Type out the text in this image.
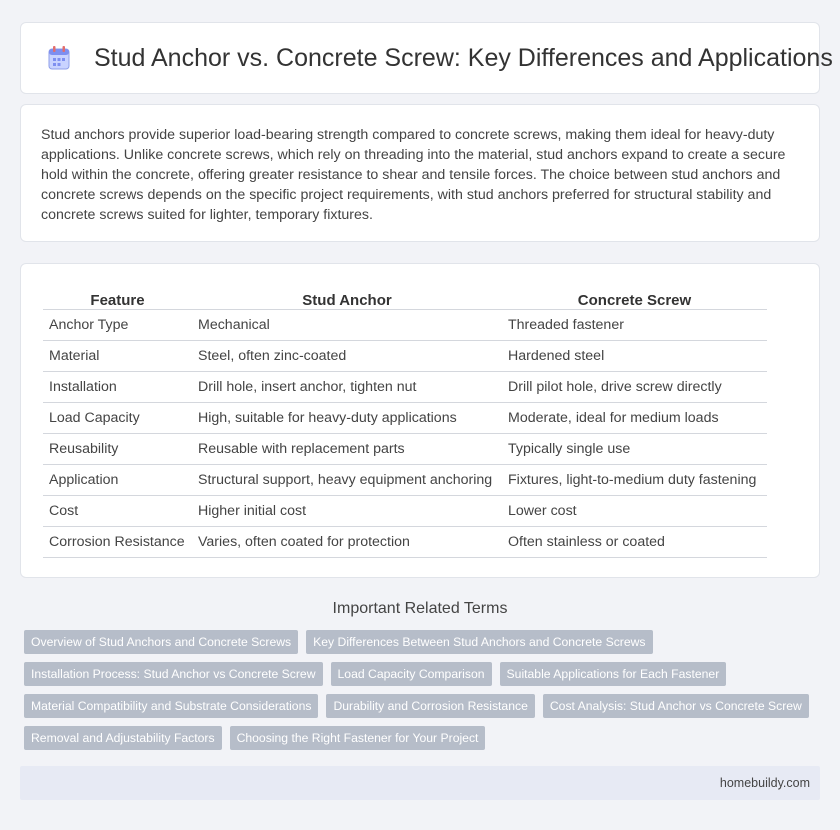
Stud Anchor vs. Concrete Screw: Key Differences and Applications

Stud anchors provide superior load-bearing strength compared to concrete screws, making them ideal for heavy-duty applications. Unlike concrete screws, which rely on threading into the material, stud anchors expand to create a secure hold within the concrete, offering greater resistance to shear and tensile forces. The choice between stud anchors and concrete screws depends on the specific project requirements, with stud anchors preferred for structural stability and concrete screws suited for lighter, temporary fixtures.

Feature	Stud Anchor	Concrete Screw
Anchor Type	Mechanical	Threaded fastener
Material	Steel, often zinc-coated	Hardened steel
Installation	Drill hole, insert anchor, tighten nut	Drill pilot hole, drive screw directly
Load Capacity	High, suitable for heavy-duty applications	Moderate, ideal for medium loads
Reusability	Reusable with replacement parts	Typically single use
Application	Structural support, heavy equipment anchoring	Fixtures, light-to-medium duty fastening
Cost	Higher initial cost	Lower cost
Corrosion Resistance	Varies, often coated for protection	Often stainless or coated
Important Related Terms
Overview of Stud Anchors and Concrete Screws	Key Differences Between Stud Anchors and Concrete Screws
Installation Process: Stud Anchor vs Concrete Screw	Load Capacity Comparison	Suitable Applications for Each Fastener
Material Compatibility and Substrate Considerations	Durability and Corrosion Resistance	Cost Analysis: Stud Anchor vs Concrete Screw
Removal and Adjustability Factors	Choosing the Right Fastener for Your Project
homebuildy.com
